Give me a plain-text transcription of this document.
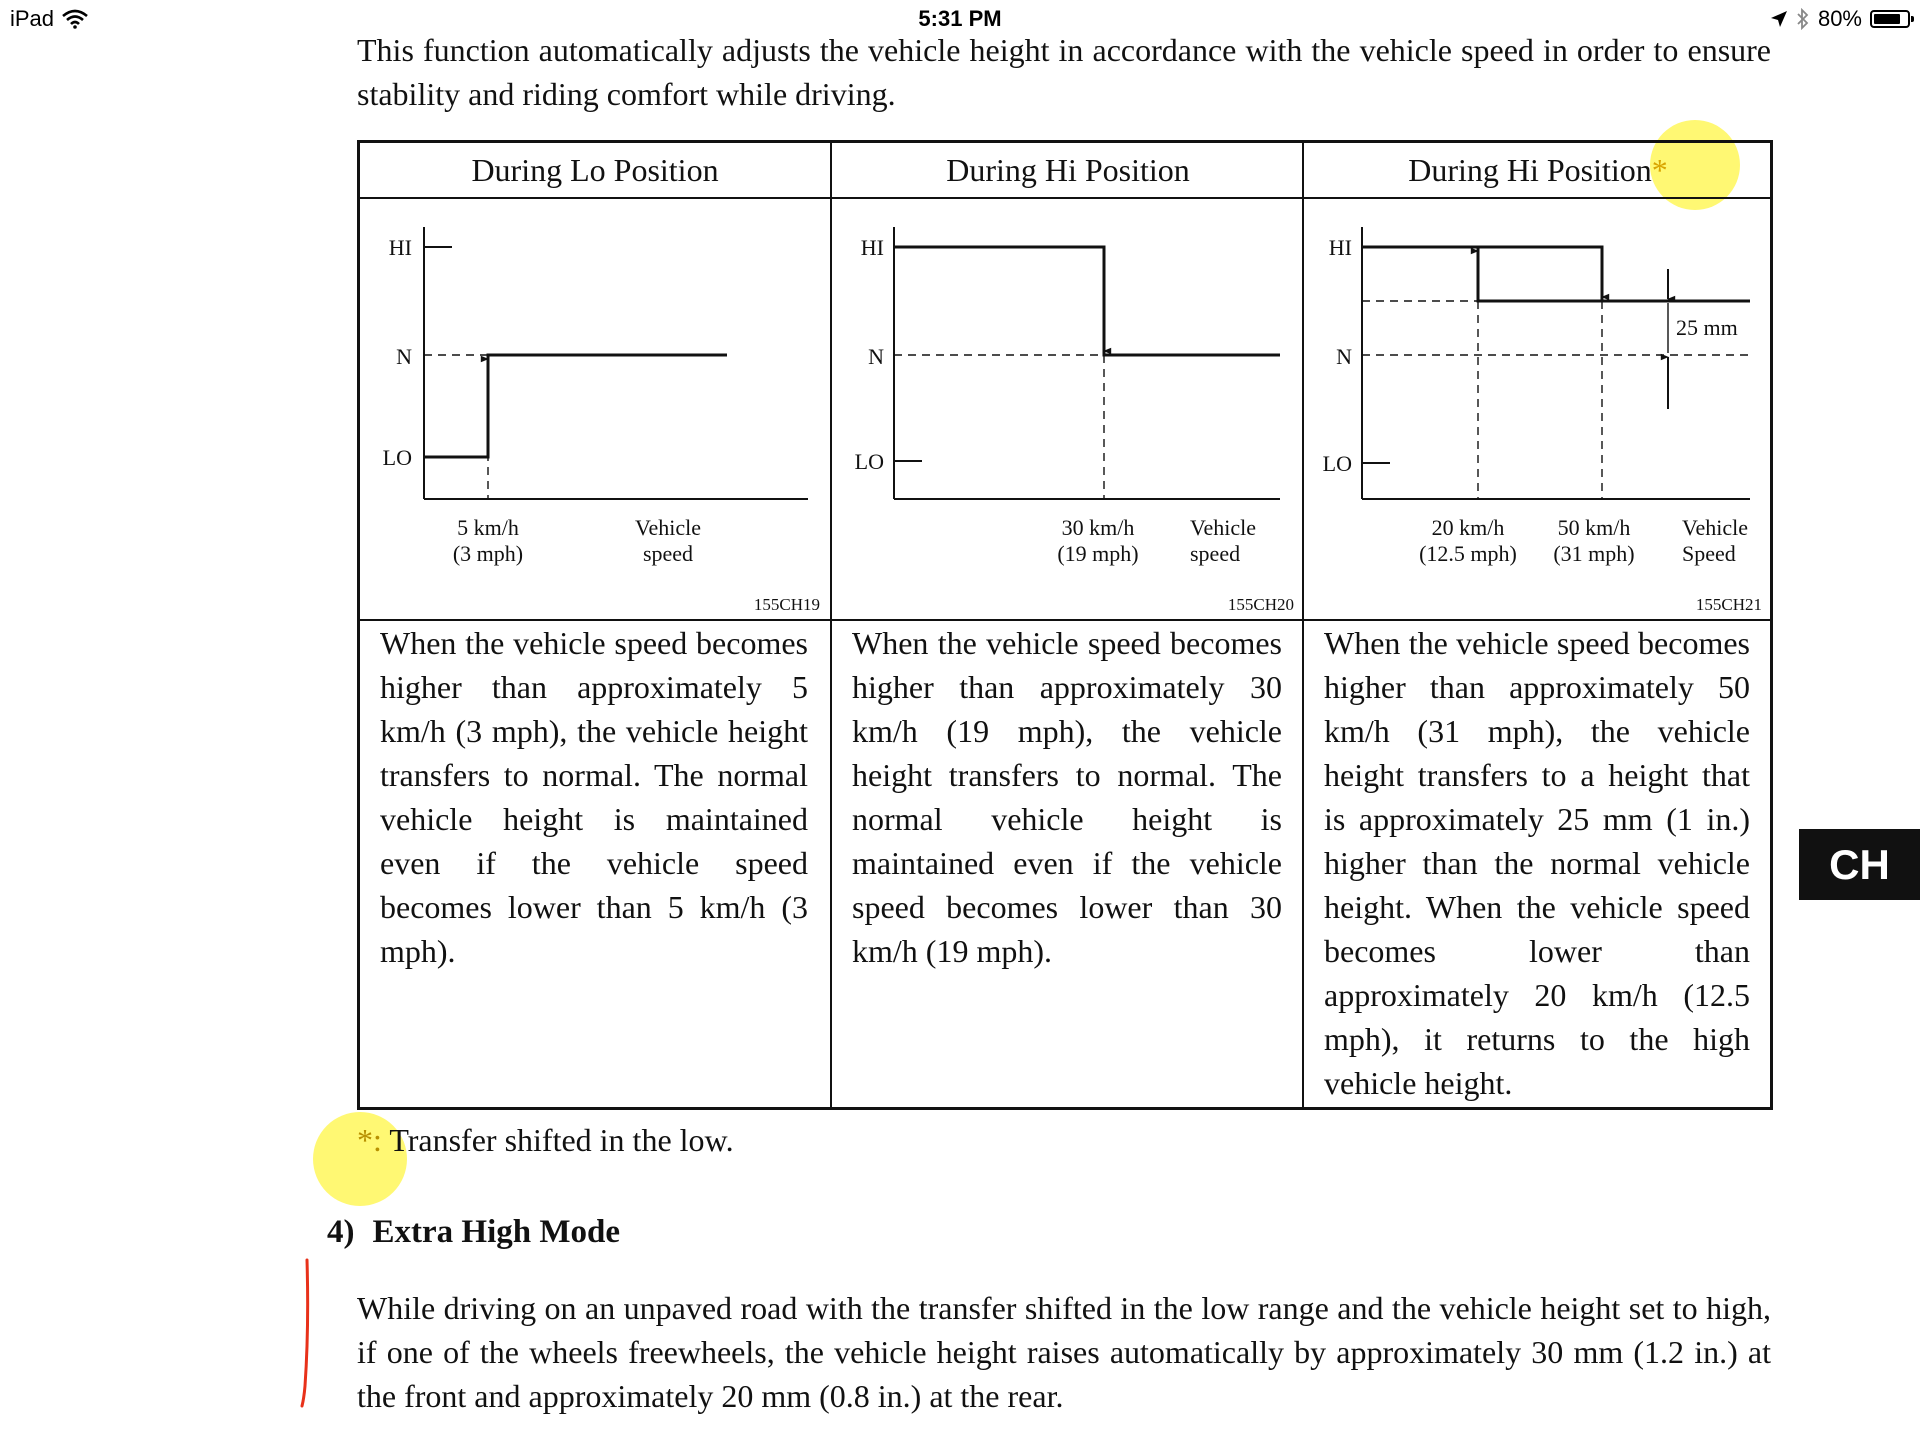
iPad	5:31 PM	80%

This function automatically adjusts the vehicle height in accordance with the vehicle speed in order to ensure stability and riding comfort while driving.

During Lo Position
HI
N
LO
5 km/h
(3 mph)
Vehicle
speed
155CH19

When the vehicle speed becomes higher than approximately 5 km/h (3 mph), the vehicle height transfers to normal. The normal vehicle height is maintained even if the vehicle speed becomes lower than 5 km/h (3 mph).

During Hi Position
HI
N
LO
30 km/h
(19 mph)
Vehicle
speed
155CH20

When the vehicle speed becomes higher than approximately 30 km/h (19 mph), the vehicle height transfers to normal. The normal vehicle height is maintained even if the vehicle speed becomes lower than 30 km/h (19 mph).

During Hi Position*
25 mm
HI
N
LO
20 km/h
(12.5 mph)
50 km/h
(31 mph)
Vehicle
Speed
155CH21

When the vehicle speed becomes higher than approximately 50 km/h (31 mph), the vehicle height transfers to a height that is approximately 25 mm (1 in.) higher than the normal vehicle height. When the vehicle speed becomes lower than approximately 20 km/h (12.5 mph), it returns to the high vehicle height.

*: Transfer shifted in the low.

4) Extra High Mode

While driving on an unpaved road with the transfer shifted in the low range and the vehicle height set to high, if one of the wheels freewheels, the vehicle height raises automatically by approximately 30 mm (1.2 in.) at the front and approximately 20 mm (0.8 in.) at the rear.

CH
